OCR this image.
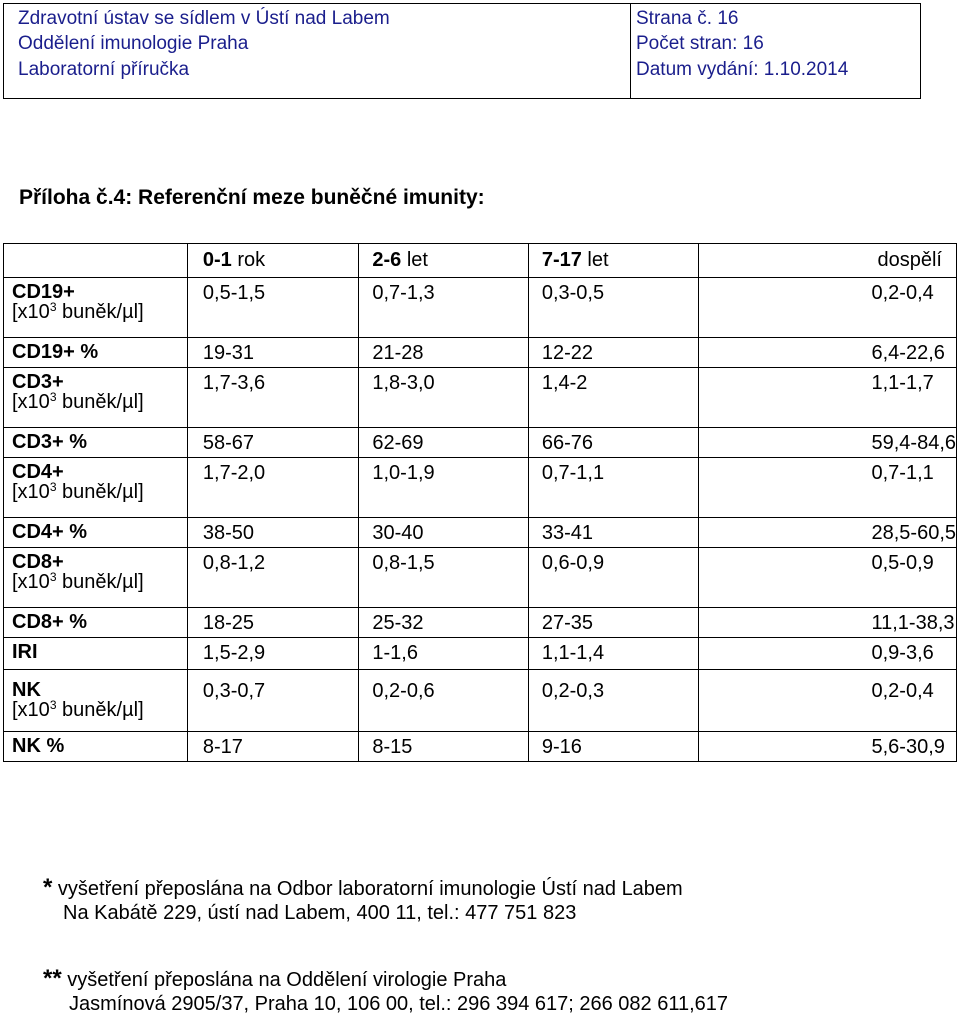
Zdravotní ústav se sídlem v Ústí nad Labem
Oddělení imunologie Praha
Laboratorní příručka
Strana č. 16
Počet stran: 16
Datum vydání: 1.10.2014
Příloha č.4: Referenční meze buněčné imunity:
	0-1 rok	2-6 let	7-17 let	dospělí

CD19+
[$x10^3$ buněk/µl]	0,5-1,5	0,7-1,3	0,3-0,5	0,2-0,4

CD19+ %	19-31	21-28	12-22	6,4-22,6

CD3+
[$x10^3$ buněk/µl]	1,7-3,6	1,8-3,0	1,4-2	1,1-1,7

CD3+ %	58-67	62-69	66-76	59,4-84,6

CD4+
[$x10^3$ buněk/µl]	1,7-2,0	1,0-1,9	0,7-1,1	0,7-1,1

CD4+ %	38-50	30-40	33-41	28,5-60,5

CD8+
[$x10^3$ buněk/µl]	0,8-1,2	0,8-1,5	0,6-0,9	0,5-0,9

CD8+ %	18-25	25-32	27-35	11,1-38,3

IRI	1,5-2,9	1-1,6	1,1-1,4	0,9-3,6

NK
[$x10^3$ buněk/µl]	0,3-0,7	0,2-0,6	0,2-0,3	0,2-0,4

NK %	8-17	8-15	9-16	5,6-30,9
* vyšetření přeposlána na Odbor laboratorní imunologie Ústí nad Labem
Na Kabátě 229, ústí nad Labem, 400 11, tel.: 477 751 823
** vyšetření přeposlána na Oddělení virologie Praha
Jasmínová 2905/37, Praha 10, 106 00, tel.: 296 394 617; 266 082 611,617
